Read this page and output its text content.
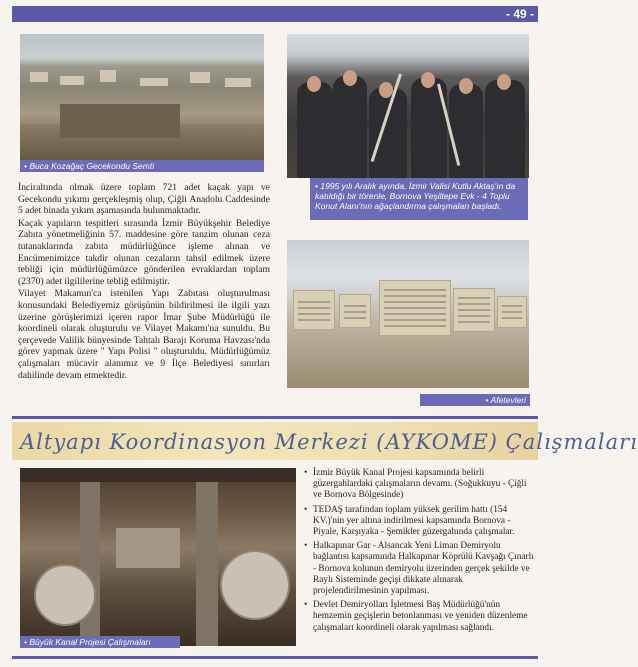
- 49 -
• Buca Kozağaç Gecekondu Semti
• 1995 yılı Aralık ayında, İzmir Valisi Kutlu Aktaş'ın da katıldığı bir törenle, Bornova Yeşiltepe Evk - 4 Toplu Konut Alanı'nın ağaçlandırma çalışmaları başladı.
• Afetevleri

İnciraltında olmak üzere toplam 721 adet kaçak yapı ve Gecekondu yıkımı gerçekleşmiş olup, Çiğli Anadolu Caddesinde 5 adet binada yıkım aşamasında bulunmaktadır.

Kaçak yapıların tespitleri sırasında İzmir Büyükşehir Belediye Zabıta yönetmeliğinin 57. maddesine göre tanzim olunan ceza tutanaklarında zabıta müdürlüğünce işleme alınan ve Encümenimizce takdir olunan cezaların tahsil edilmek üzere tebliği için müdürlüğümüzce gönderilen evraklardan toplam (2370) adet ilgililerine tebliğ edilmiştir.

Vilayet Makamın'ca istenilen Yapı Zabıtası oluşturulması konusundaki Belediyemiz görüşünün bildirilmesi ile ilgili yazı üzerine görüşlerimizi içeren rapor İmar Şube Müdürlüğü ile koordineli olarak oluşturulu ve Vilayet Makamı'na sunuldu. Bu çerçevede Valilik bünyesinde Tahtalı Barajı Koruma Havzası'nda görev yapmak üzere " Yapı Polisi " oluşturuldu. Müdürlüğümüz çalışmaları mücavir alanımız ve 9 İlçe Belediyesi sınırları dahilinde devam etmektedir.

Altyapı Koordinasyon Merkezi (AYKOME) Çalışmaları
• Büyük Kanal Projesi Çalışmaları
• İzmir Büyük Kanal Projesi kapsamında belirli güzergahlardaki çalışmaların devamı. (Soğukkuyu - Çiğli ve Bornova Bölgesinde)
• TEDAŞ tarafından toplam yüksek gerilim hattı (154 KV.)'nin yer altına indirilmesi kapsamında Bornova - Piyale, Karşıyaka - Şemikler güzergahında çalışmalar.
• Halkapınar Gar - Alsancak Yeni Liman Demiryolu bağlantısı kapsamında Halkapınar Köprülü Kavşağı Çınarlı - Bornova kolunun demiryolu üzerinden gerçek şekilde ve Raylı Sisteminde geçişi dikkate alınarak projelendirilmesinin yapılması.
• Devlet Demiryolları İşletmesi Baş Müdürlüğü'nün hemzemin geçişlerin betonlanması ve yeniden düzenleme çalışmaları koordineli olarak yapılması sağlandı.
